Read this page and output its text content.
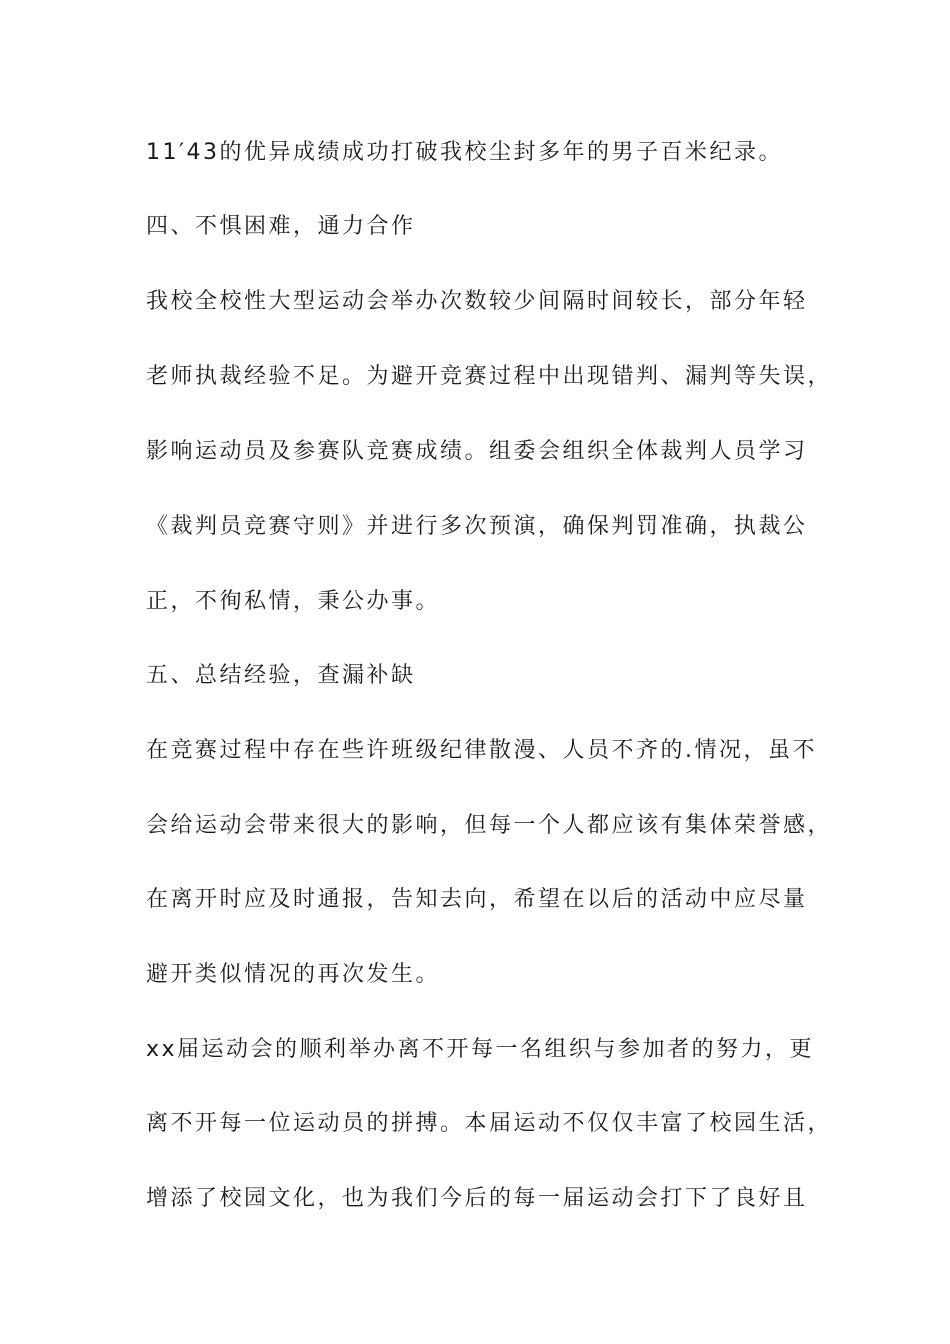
11′43的优异成绩成功打破我校尘封多年的男子百米纪录。
四、不惧困难，通力合作
我校全校性大型运动会举办次数较少间隔时间较长，部分年轻
老师执裁经验不足。为避开竞赛过程中出现错判、漏判等失误，
影响运动员及参赛队竞赛成绩。组委会组织全体裁判人员学习
《裁判员竞赛守则》并进行多次预演，确保判罚准确，执裁公
正，不徇私情，秉公办事。
五、总结经验，查漏补缺
在竞赛过程中存在些许班级纪律散漫、人员不齐的.情况，虽不
会给运动会带来很大的影响，但每一个人都应该有集体荣誉感，
在离开时应及时通报，告知去向，希望在以后的活动中应尽量
避开类似情况的再次发生。
xx届运动会的顺利举办离不开每一名组织与参加者的努力，更
离不开每一位运动员的拼搏。本届运动不仅仅丰富了校园生活，
增添了校园文化，也为我们今后的每一届运动会打下了良好且
